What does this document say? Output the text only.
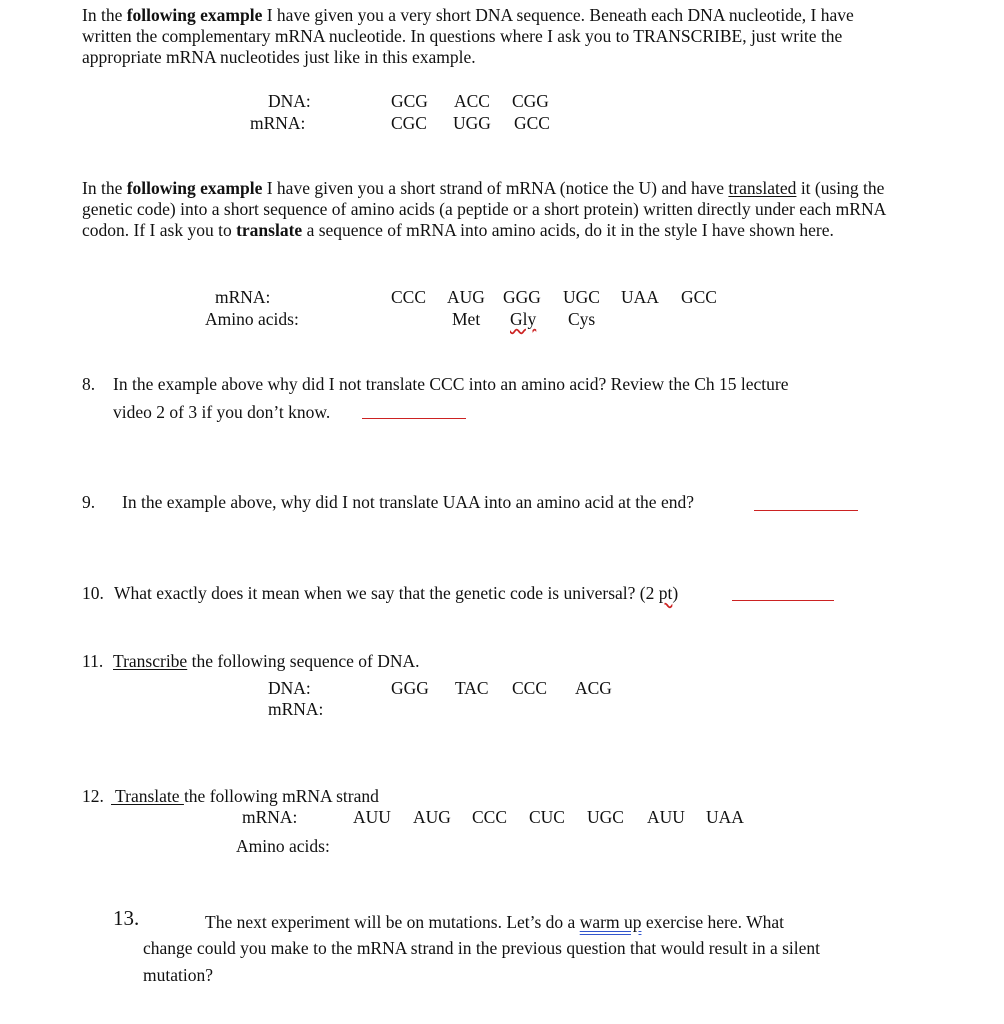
In the following example I have given you a very short DNA sequence. Beneath each DNA nucleotide, I have written the complementary mRNA nucleotide. In questions where I ask you to TRANSCRIBE, just write the appropriate mRNA nucleotides just like in this example.

DNA:
mRNA:
GCG ACC CGG
CGC UGG GCC

In the following example I have given you a short strand of mRNA (notice the U) and have translated it (using the genetic code) into a short sequence of amino acids (a peptide or a short protein) written directly under each mRNA codon. If I ask you to translate a sequence of mRNA into amino acids, do it in the style I have shown here.

mRNA:
Amino acids:
CCC AUG GGG UGC UAA GCC
Met Gly Cys
8. In the example above why did I not translate CCC into an amino acid? Review the Ch 15 lecture
video 2 of 3 if you don’t know.
9. In the example above, why did I not translate UAA into an amino acid at the end?
10. What exactly does it mean when we say that the genetic code is universal? (2 pt)
11. Transcribe the following sequence of DNA.
DNA:
mRNA:
GGG TAC CCC ACG
12. Translate the following mRNA strand
mRNA:
Amino acids:
AUU AUG CCC CUC UGC AUU UAA
13.	The next experiment will be on mutations. Let’s do a warm up exercise here. What
change could you make to the mRNA strand in the previous question that would result in a silent
mutation?
